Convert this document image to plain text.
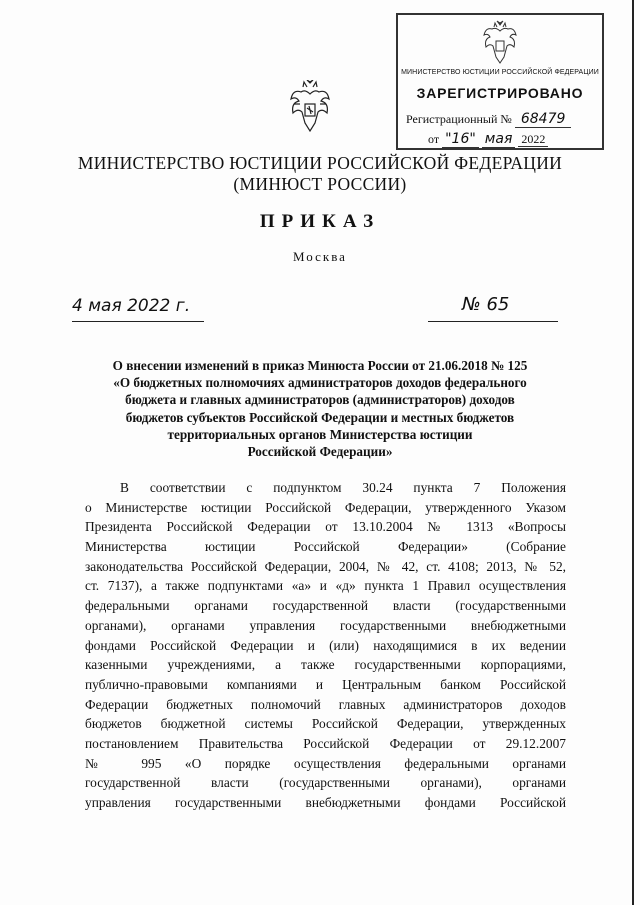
МИНИСТЕРСТВО ЮСТИЦИИ РОССИЙСКОЙ ФЕДЕРАЦИИ
ЗАРЕГИСТРИРОВАНО
Регистрационный № 68479
от "16" мая 2022
МИНИСТЕРСТВО ЮСТИЦИИ РОССИЙСКОЙ ФЕДЕРАЦИИ
(МИНЮСТ РОССИИ)
ПРИКАЗ
Москва
4 мая 2022 г.	№ 65
О внесении изменений в приказ Минюста России от 21.06.2018 № 125
«О бюджетных полномочиях администраторов доходов федерального
бюджета и главных администраторов (администраторов) доходов
бюджетов субъектов Российской Федерации и местных бюджетов
территориальных органов Министерства юстиции
Российской Федерации»
В соответствии с подпунктом 30.24 пункта 7 Положения
о Министерстве юстиции Российской Федерации, утвержденного Указом
Президента Российской Федерации от 13.10.2004 № 1313 «Вопросы
Министерства юстиции Российской Федерации» (Собрание
законодательства Российской Федерации, 2004, № 42, ст. 4108; 2013, № 52,
ст. 7137), а также подпунктами «а» и «д» пункта 1 Правил осуществления
федеральными органами государственной власти (государственными
органами), органами управления государственными внебюджетными
фондами Российской Федерации и (или) находящимися в их ведении
казенными учреждениями, а также государственными корпорациями,
публично-правовыми компаниями и Центральным банком Российской
Федерации бюджетных полномочий главных администраторов доходов
бюджетов бюджетной системы Российской Федерации, утвержденных
постановлением Правительства Российской Федерации от 29.12.2007
№ 995 «О порядке осуществления федеральными органами
государственной власти (государственными органами), органами
управления государственными внебюджетными фондами Российской
